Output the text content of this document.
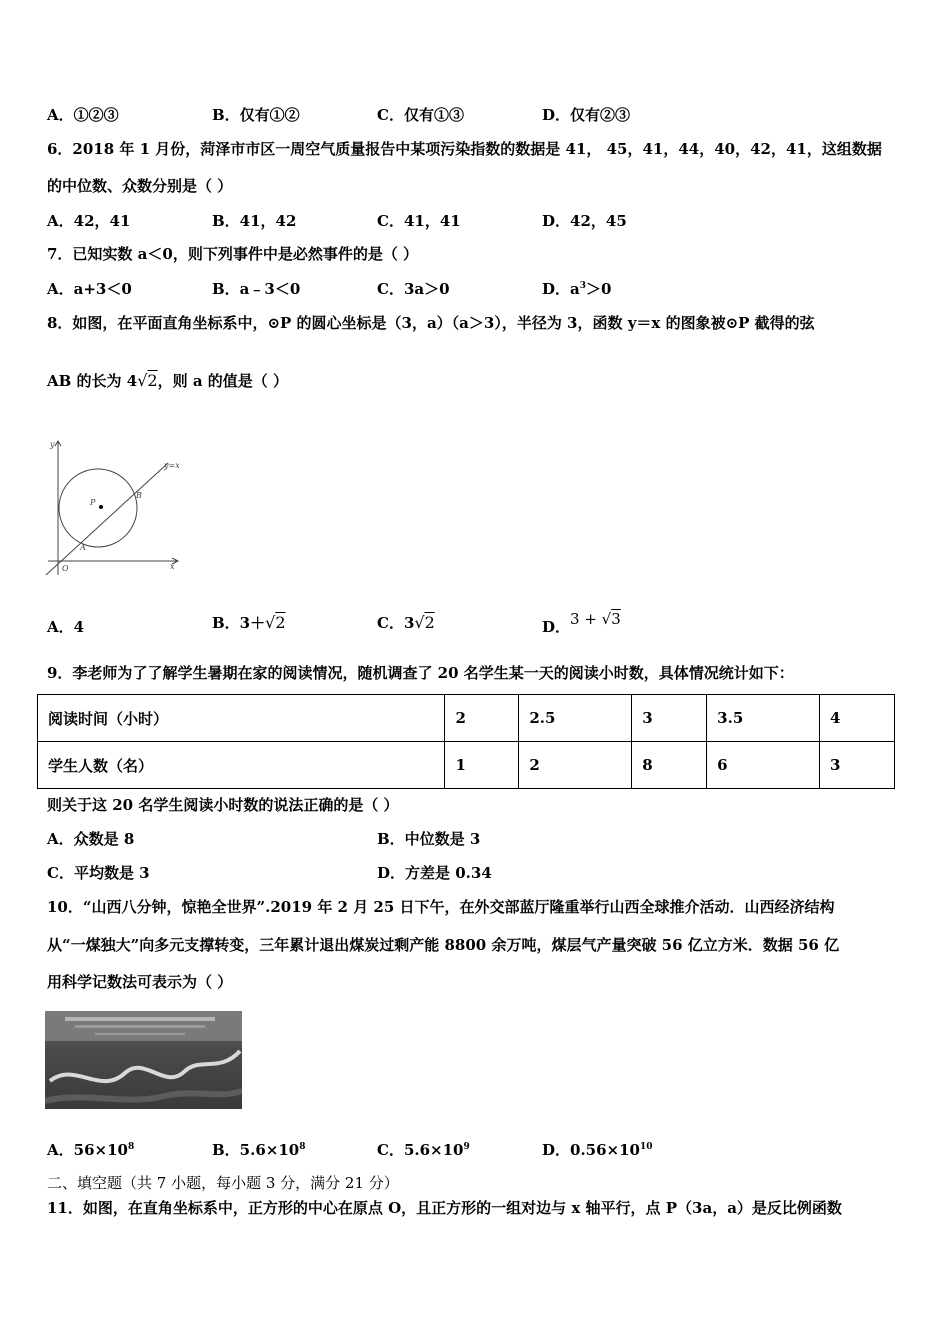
A．①②③	B．仅有①②	C．仅有①③	D．仅有②③
6．2018 年 1 月份，菏泽市市区一周空气质量报告中某项污染指数的数据是 41， 45，41，44，40，42，41，这组数据
的中位数、众数分别是（ ）
A．42，41	B．41，42	C．41，41	D．42，45
7．已知实数 a＜0，则下列事件中是必然事件的是（ ）
A．a+3＜0	B．a﹣3＜0	C．3a＞0	D．$a^3>0$
8．如图，在平面直角坐标系中，⊙P 的圆心坐标是（3，a）（a＞3），半径为 3，函数 y＝x 的图象被⊙P 截得的弦
AB 的长为 4√2，则 a 的值是（ ）
y
x
y=x
O
P
A
B
A．4	B．3＋√2	C．3√2	D．3 + √3
9．李老师为了了解学生暑期在家的阅读情况，随机调查了 20 名学生某一天的阅读小时数，具体情况统计如下：
阅读时间（小时）	2	2.5	3	3.5	4
学生人数（名）	1	2	8	6	3
则关于这 20 名学生阅读小时数的说法正确的是（ ）
A．众数是 8	B．中位数是 3
C．平均数是 3	D．方差是 0.34
10．“山西八分钟，惊艳全世界”.2019 年 2 月 25 日下午，在外交部蓝厅隆重举行山西全球推介活动．山西经济结构
从“一煤独大”向多元支撑转变，三年累计退出煤炭过剩产能 8800 余万吨，煤层气产量突破 56 亿立方米．数据 56 亿
用科学记数法可表示为（ ）
A．$56\times 10^8$	B．$5.6\times 10^8$	C．$5.6\times 10^9$	D．$0.56\times 10^{10}$
二、填空题（共 7 小题，每小题 3 分，满分 21 分）
11．如图，在直角坐标系中，正方形的中心在原点 O，且正方形的一组对边与 x 轴平行，点 P（3a，a）是反比例函数
